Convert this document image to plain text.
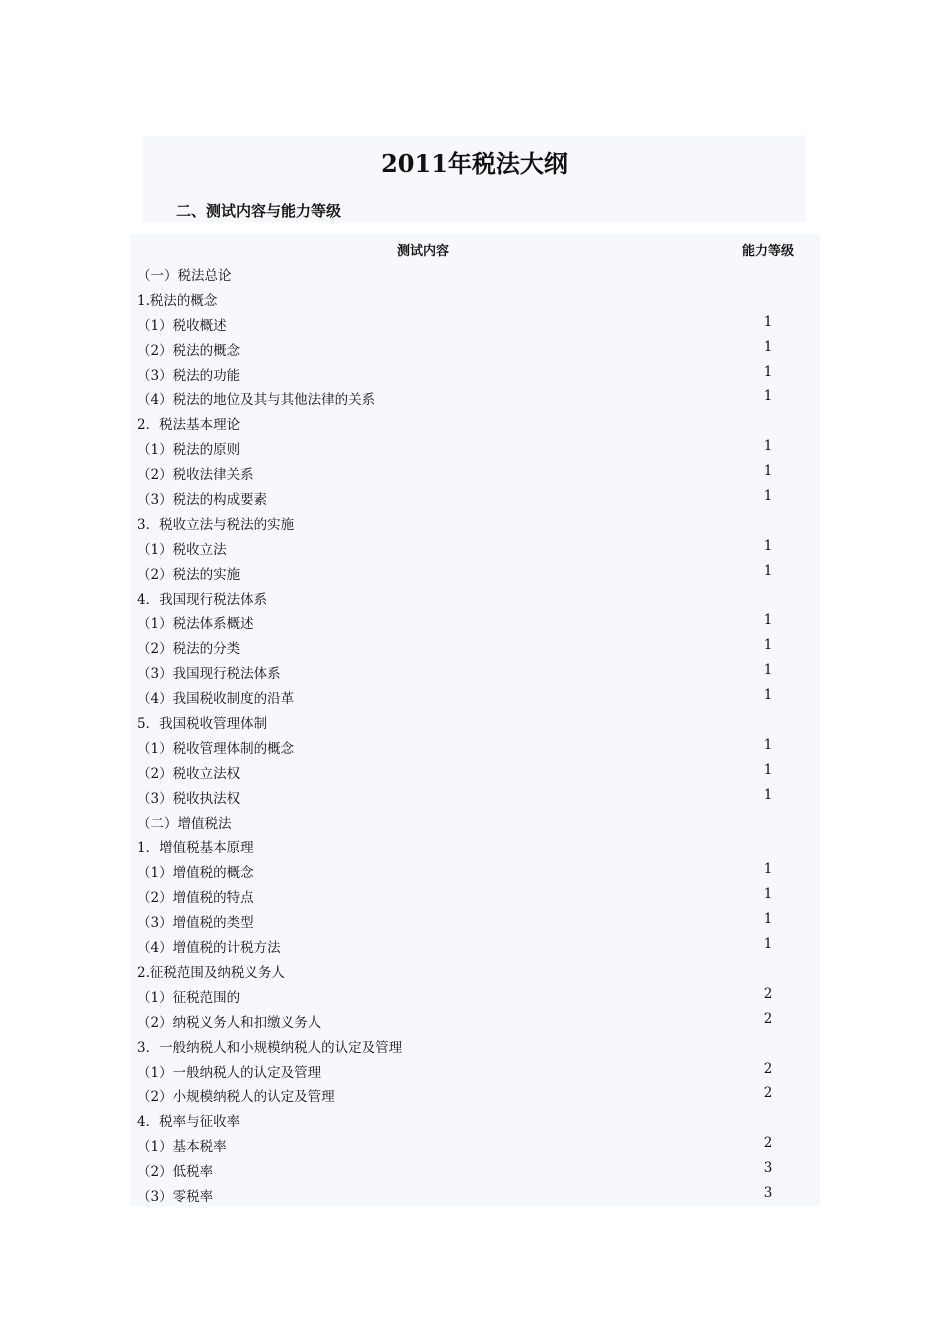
2011年税法大纲
二、测试内容与能力等级
测试内容	能力等级
（一）税法总论
1.税法的概念
（1）税收概述	1
（2）税法的概念	1
（3）税法的功能	1
（4）税法的地位及其与其他法律的关系	1
2．税法基本理论
（1）税法的原则	1
（2）税收法律关系	1
（3）税法的构成要素	1
3．税收立法与税法的实施
（1）税收立法	1
（2）税法的实施	1
4．我国现行税法体系
（1）税法体系概述	1
（2）税法的分类	1
（3）我国现行税法体系	1
（4）我国税收制度的沿革	1
5．我国税收管理体制
（1）税收管理体制的概念	1
（2）税收立法权	1
（3）税收执法权	1
（二）增值税法
1．增值税基本原理
（1）增值税的概念	1
（2）增值税的特点	1
（3）增值税的类型	1
（4）增值税的计税方法	1
2.征税范围及纳税义务人
（1）征税范围的	2
（2）纳税义务人和扣缴义务人	2
3．一般纳税人和小规模纳税人的认定及管理
（1）一般纳税人的认定及管理	2
（2）小规模纳税人的认定及管理	2
4．税率与征收率
（1）基本税率	2
（2）低税率	3
（3）零税率	3
